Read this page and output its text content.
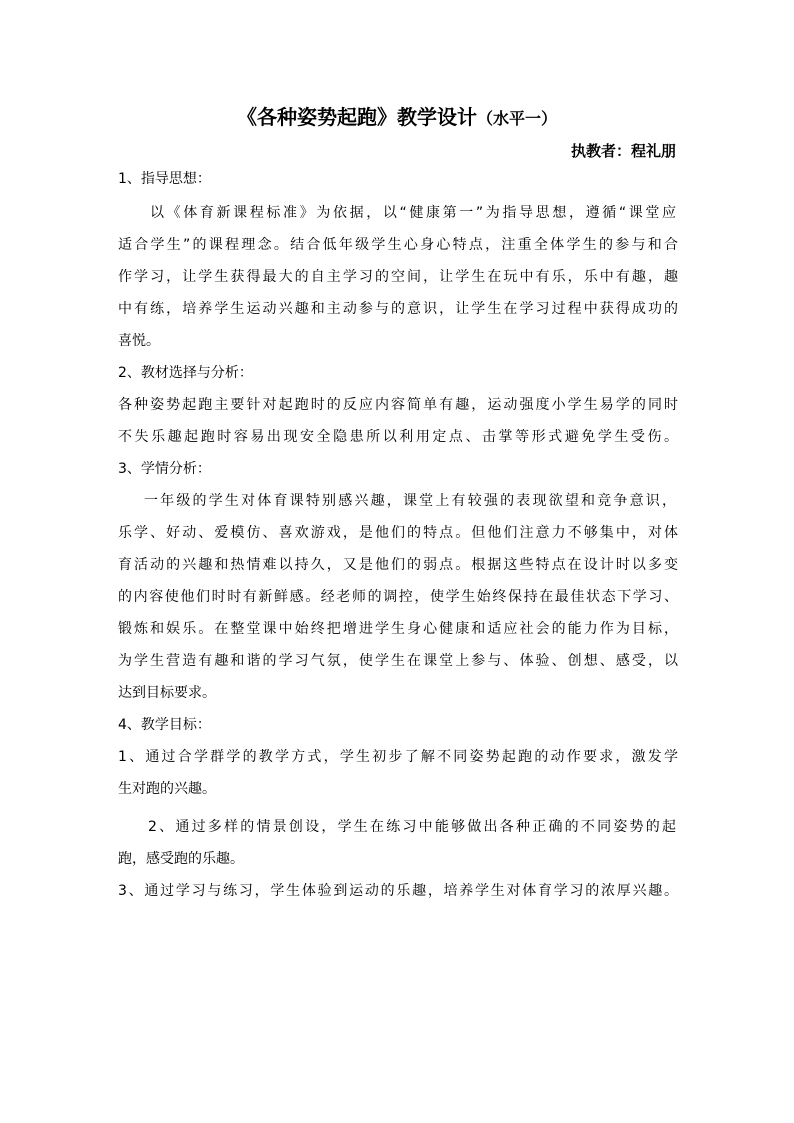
《各种姿势起跑》教学设计（水平一）
执教者：程礼朋
1、指导思想：
以《体育新课程标准》为依据，以“健康第一”为指导思想，遵循“课堂应
适合学生”的课程理念。结合低年级学生心身心特点，注重全体学生的参与和合
作学习，让学生获得最大的自主学习的空间，让学生在玩中有乐，乐中有趣，趣
中有练，培养学生运动兴趣和主动参与的意识，让学生在学习过程中获得成功的
喜悦。
2、教材选择与分析：
各种姿势起跑主要针对起跑时的反应内容简单有趣，运动强度小学生易学的同时
不失乐趣起跑时容易出现安全隐患所以利用定点、击掌等形式避免学生受伤。
3、学情分析：
一年级的学生对体育课特别感兴趣，课堂上有较强的表现欲望和竞争意识，
乐学、好动、爱模仿、喜欢游戏，是他们的特点。但他们注意力不够集中，对体
育活动的兴趣和热情难以持久，又是他们的弱点。根据这些特点在设计时以多变
的内容使他们时时有新鲜感。经老师的调控，使学生始终保持在最佳状态下学习、
锻炼和娱乐。在整堂课中始终把增进学生身心健康和适应社会的能力作为目标，
为学生营造有趣和谐的学习气氛，使学生在课堂上参与、体验、创想、感受，以
达到目标要求。
4、教学目标：
1、通过合学群学的教学方式，学生初步了解不同姿势起跑的动作要求，激发学
生对跑的兴趣。
2、通过多样的情景创设，学生在练习中能够做出各种正确的不同姿势的起
跑，感受跑的乐趣。
3、通过学习与练习，学生体验到运动的乐趣，培养学生对体育学习的浓厚兴趣。
